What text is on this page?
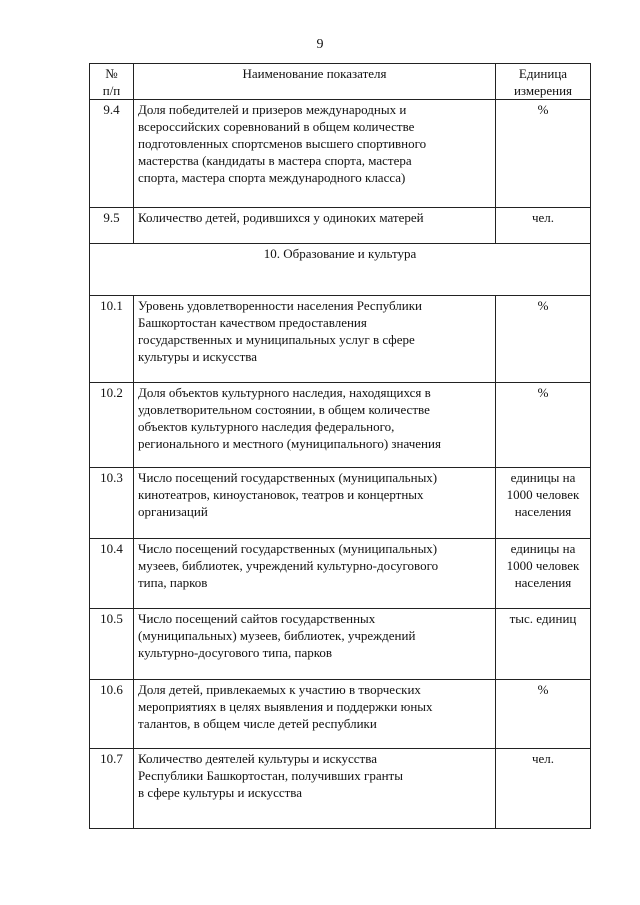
9
№
п/п	Наименование показателя	Единица
измерения

9.4	Доля победителей и призеров международных и
всероссийских соревнований в общем количестве
подготовленных спортсменов высшего спортивного
мастерства (кандидаты в мастера спорта, мастера
спорта, мастера спорта международного класса)	%

9.5	Количество детей, родившихся у одиноких матерей	чел.

10. Образование и культура		
10.1	Уровень удовлетворенности населения Республики
Башкортостан качеством предоставления
государственных и муниципальных услуг в сфере
культуры и искусства	%

10.2	Доля объектов культурного наследия, находящихся в
удовлетворительном состоянии, в общем количестве
объектов культурного наследия федерального,
регионального и местного (муниципального) значения	%

10.3	Число посещений государственных (муниципальных)
кинотеатров, киноустановок, театров и концертных
организаций	единицы на
1000 человек
населения

10.4	Число посещений государственных (муниципальных)
музеев, библиотек, учреждений культурно-досугового
типа, парков	единицы на
1000 человек
населения

10.5	Число посещений сайтов государственных
(муниципальных) музеев, библиотек, учреждений
культурно-досугового типа, парков	тыс. единиц

10.6	Доля детей, привлекаемых к участию в творческих
мероприятиях в целях выявления и поддержки юных
талантов, в общем числе детей республики	%

10.7	Количество деятелей культуры и искусства
Республики Башкортостан, получивших гранты
в сфере культуры и искусства	чел.
